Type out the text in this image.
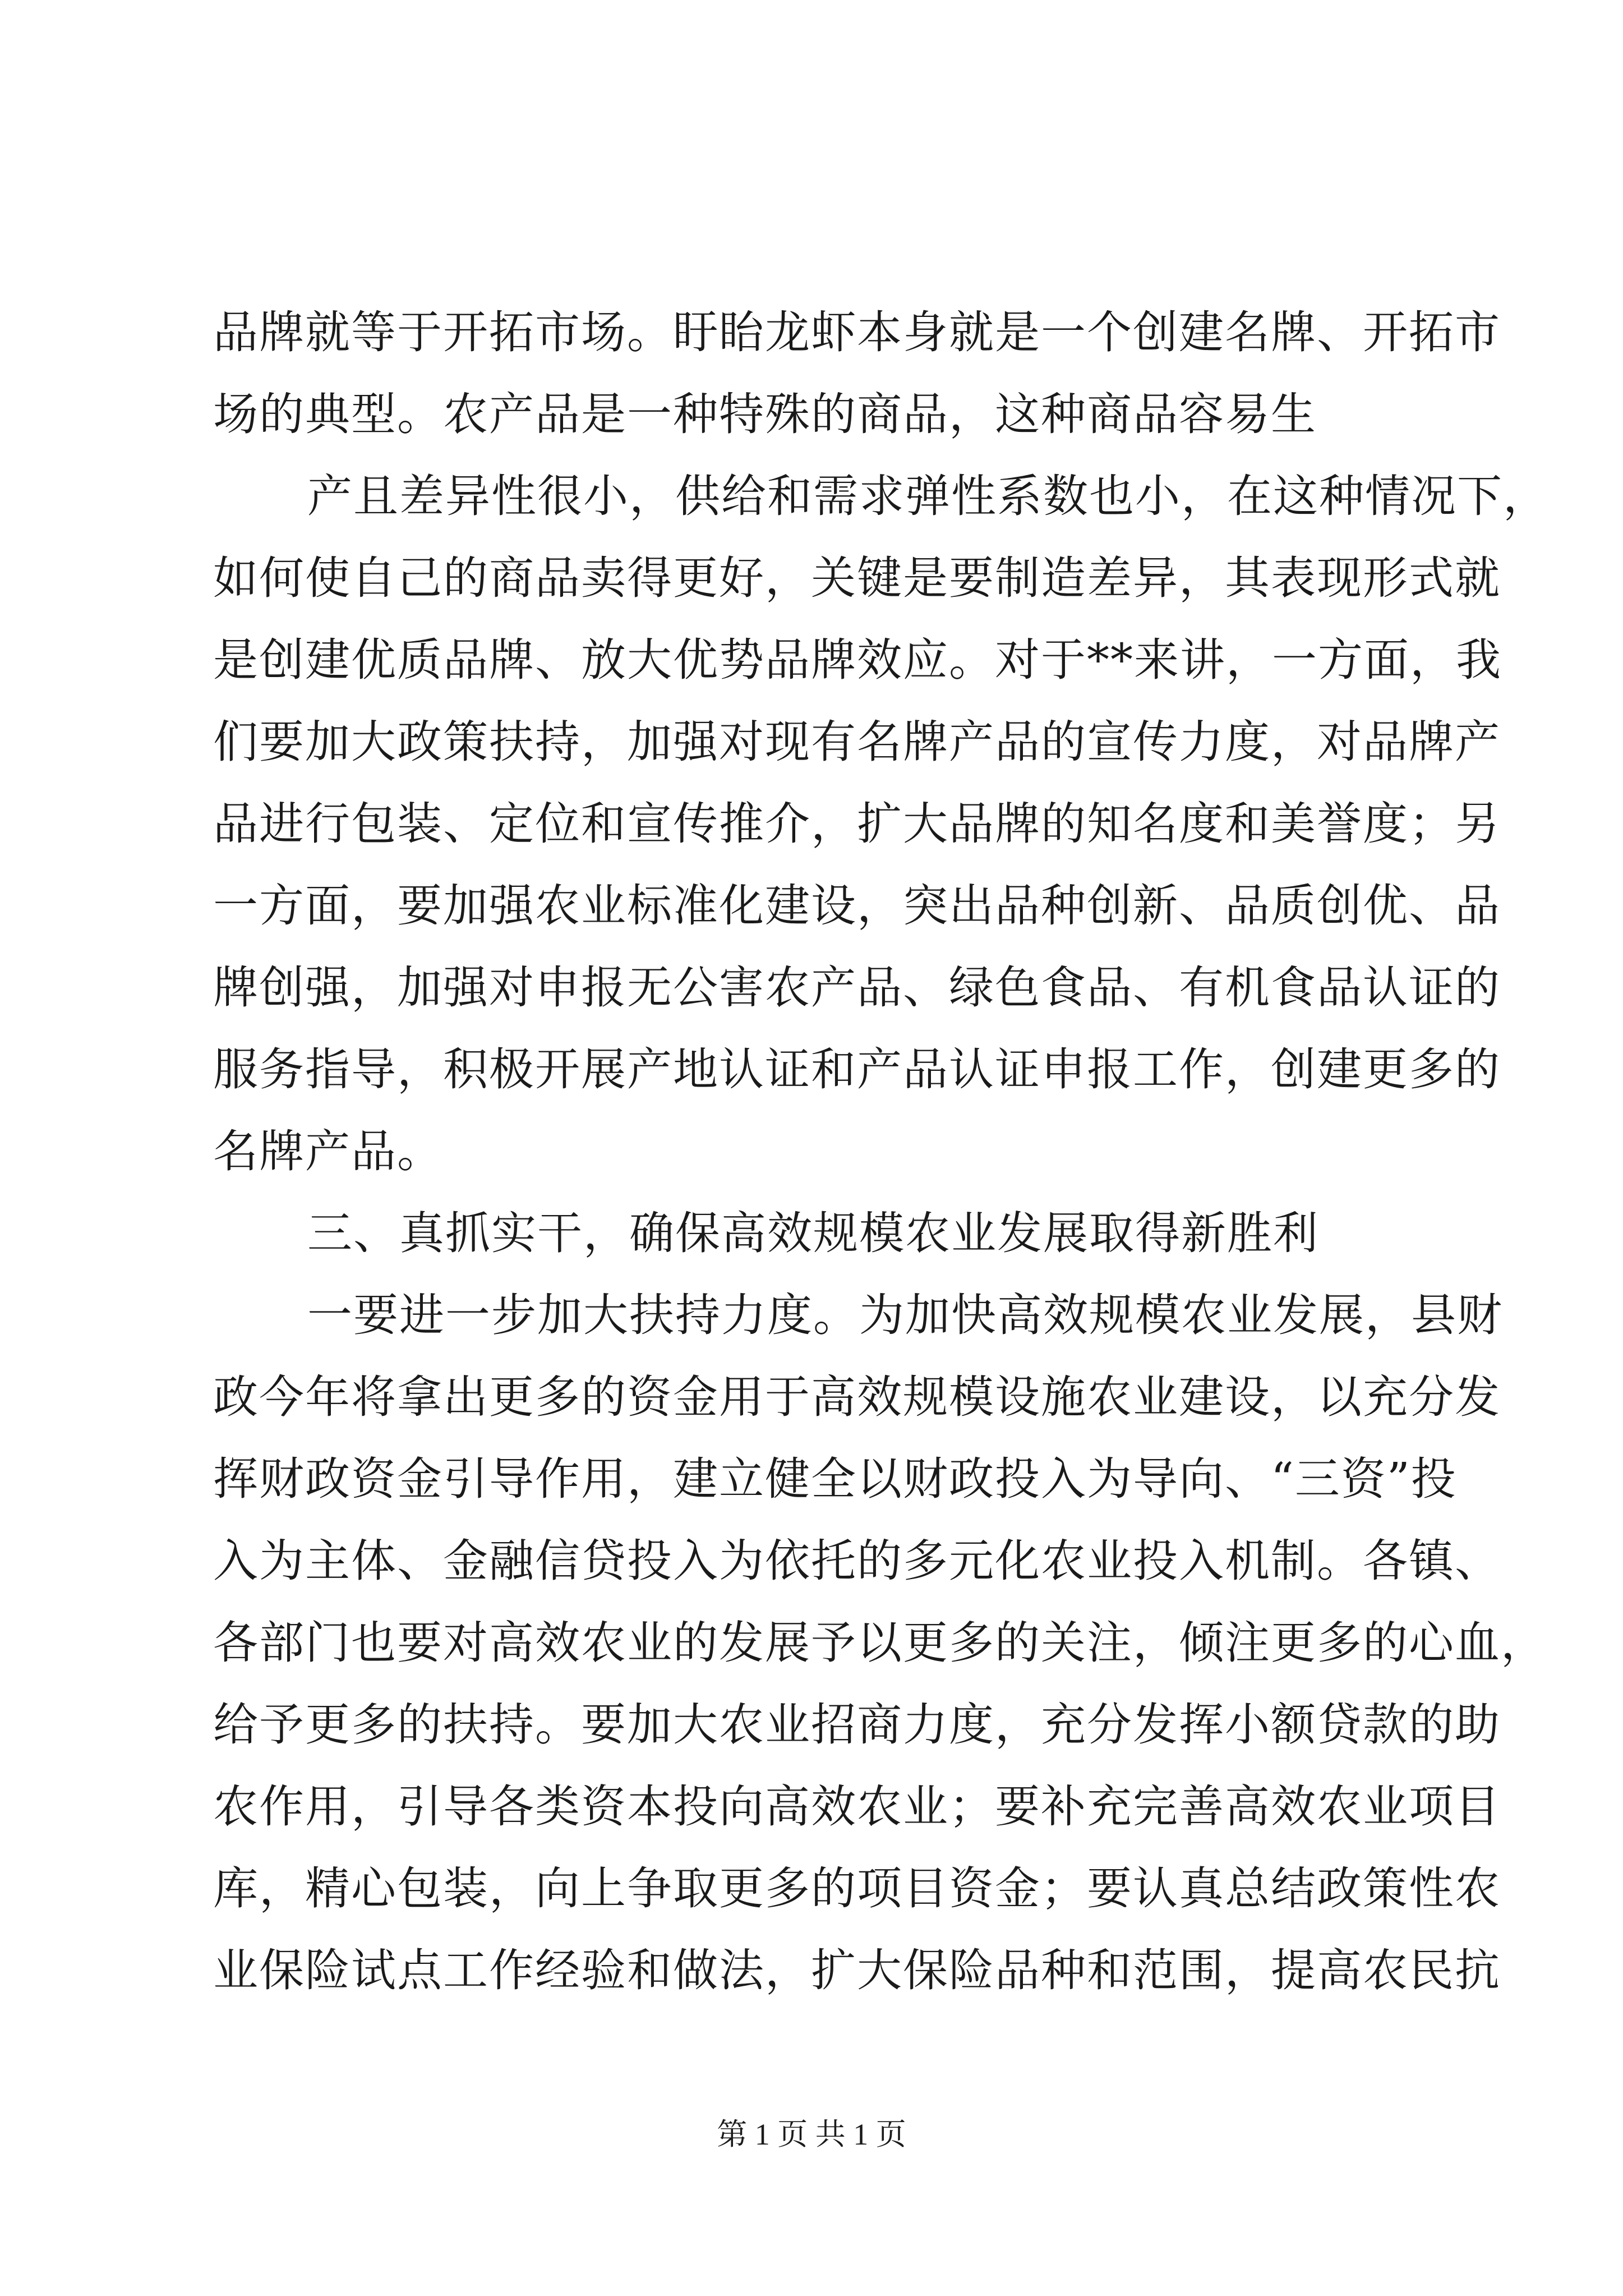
品牌就等于开拓市场。盱眙龙虾本身就是一个创建名牌、开拓市
场的典型。农产品是一种特殊的商品，这种商品容易生
产且差异性很小，供给和需求弹性系数也小，在这种情况下，
如何使自己的商品卖得更好，关键是要制造差异，其表现形式就
是创建优质品牌、放大优势品牌效应。对于**来讲，一方面，我
们要加大政策扶持，加强对现有名牌产品的宣传力度，对品牌产
品进行包装、定位和宣传推介，扩大品牌的知名度和美誉度；另
一方面，要加强农业标准化建设，突出品种创新、品质创优、品
牌创强，加强对申报无公害农产品、绿色食品、有机食品认证的
服务指导，积极开展产地认证和产品认证申报工作，创建更多的
名牌产品。
三、真抓实干，确保高效规模农业发展取得新胜利
一要进一步加大扶持力度。为加快高效规模农业发展，县财
政今年将拿出更多的资金用于高效规模设施农业建设，以充分发
挥财政资金引导作用，建立健全以财政投入为导向、“三资”投
入为主体、金融信贷投入为依托的多元化农业投入机制。各镇、
各部门也要对高效农业的发展予以更多的关注，倾注更多的心血，
给予更多的扶持。要加大农业招商力度，充分发挥小额贷款的助
农作用，引导各类资本投向高效农业；要补充完善高效农业项目
库，精心包装，向上争取更多的项目资金；要认真总结政策性农
业保险试点工作经验和做法，扩大保险品种和范围，提高农民抗
第 1 页 共 1 页
